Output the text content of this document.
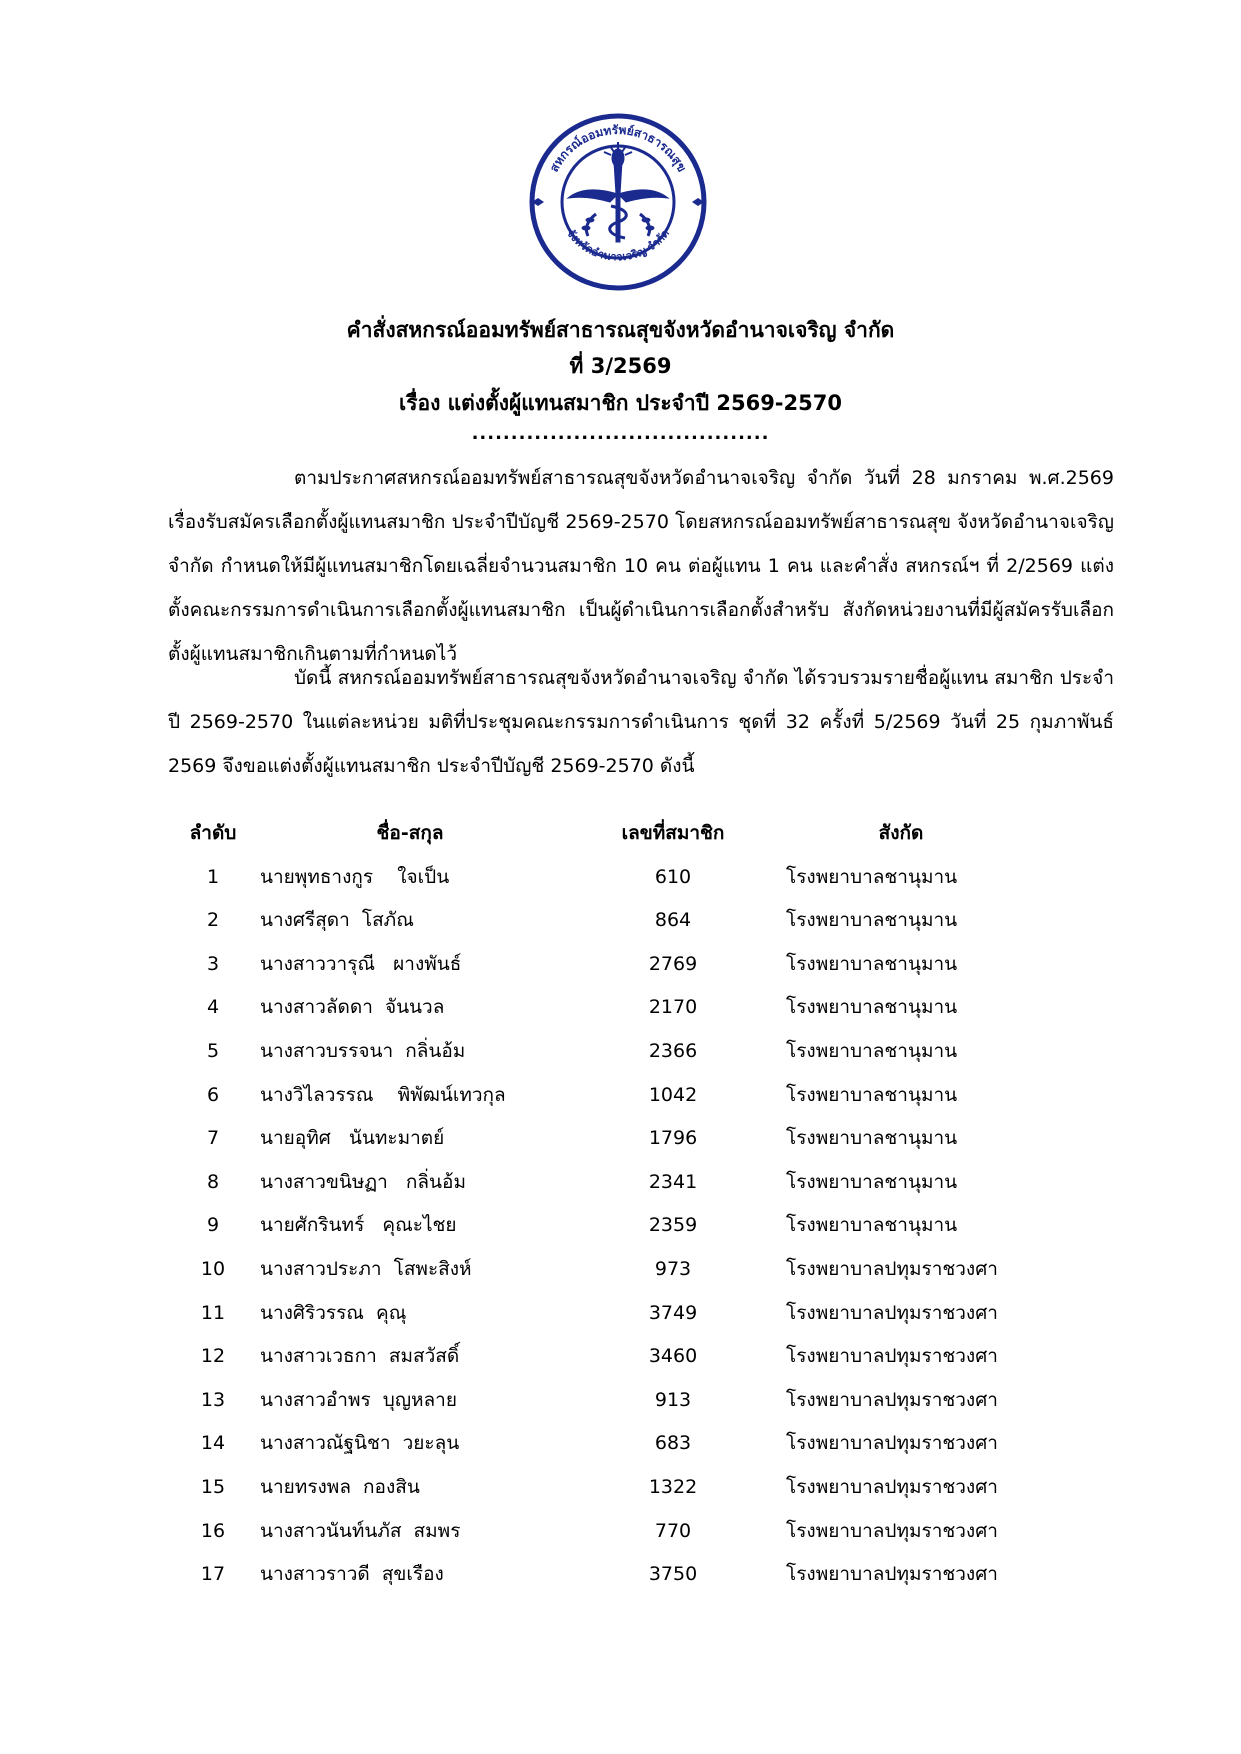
สหกรณ์ออมทรัพย์สาธารณสุข
จังหวัดอำนาจเจริญ จำกัด
คำสั่งสหกรณ์ออมทรัพย์สาธารณสุขจังหวัดอำนาจเจริญ จำกัด
ที่ 3/2569
เรื่อง แต่งตั้งผู้แทนสมาชิก ประจำปี 2569-2570
......................................
ตามประกาศสหกรณ์ออมทรัพย์สาธารณสุขจังหวัดอำนาจเจริญ จำกัด วันที่ 28 มกราคม พ.ศ.2569 เรื่องรับสมัครเลือกตั้งผู้แทนสมาชิก ประจำปีบัญชี 2569-2570 โดยสหกรณ์ออมทรัพย์สาธารณสุข จังหวัดอำนาจเจริญ จำกัด กำหนดให้มีผู้แทนสมาชิกโดยเฉลี่ยจำนวนสมาชิก 10 คน ต่อผู้แทน 1 คน และคำสั่ง สหกรณ์ฯ ที่ 2/2569 แต่งตั้งคณะกรรมการดำเนินการเลือกตั้งผู้แทนสมาชิก เป็นผู้ดำเนินการเลือกตั้งสำหรับ สังกัดหน่วยงานที่มีผู้สมัครรับเลือกตั้งผู้แทนสมาชิกเกินตามที่กำหนดไว้
บัดนี้ สหกรณ์ออมทรัพย์สาธารณสุขจังหวัดอำนาจเจริญ จำกัด ได้รวบรวมรายชื่อผู้แทน สมาชิก ประจำปี 2569-2570 ในแต่ละหน่วย มติที่ประชุมคณะกรรมการดำเนินการ ชุดที่ 32 ครั้งที่ 5/2569 วันที่ 25 กุมภาพันธ์ 2569 จึงขอแต่งตั้งผู้แทนสมาชิก ประจำปีบัญชี 2569-2570 ดังนี้
ลำดับ	ชื่อ-สกุล	เลขที่สมาชิก	สังกัด
1	นายพุทธางกูร    ใจเป็น	610	โรงพยาบาลชานุมาน
2	นางศรีสุดา  โสภัณ	864	โรงพยาบาลชานุมาน
3	นางสาววารุณี   ผางพันธ์	2769	โรงพยาบาลชานุมาน
4	นางสาวลัดดา  จันนวล	2170	โรงพยาบาลชานุมาน
5	นางสาวบรรจนา  กลิ่นอ้ม	2366	โรงพยาบาลชานุมาน
6	นางวิไลวรรณ    พิพัฒน์เทวกุล	1042	โรงพยาบาลชานุมาน
7	นายอุทิศ   นันทะมาตย์	1796	โรงพยาบาลชานุมาน
8	นางสาวขนิษฏา   กลิ่นอ้ม	2341	โรงพยาบาลชานุมาน
9	นายศักรินทร์   คุณะไชย	2359	โรงพยาบาลชานุมาน
10	นางสาวประภา  โสพะสิงห์	973	โรงพยาบาลปทุมราชวงศา
11	นางศิริวรรณ  คุณุ	3749	โรงพยาบาลปทุมราชวงศา
12	นางสาวเวธกา  สมสวัสดิ์	3460	โรงพยาบาลปทุมราชวงศา
13	นางสาวอำพร  บุญหลาย	913	โรงพยาบาลปทุมราชวงศา
14	นางสาวณัฐนิชา  วยะลุน	683	โรงพยาบาลปทุมราชวงศา
15	นายทรงพล  กองสิน	1322	โรงพยาบาลปทุมราชวงศา
16	นางสาวนันท์นภัส  สมพร	770	โรงพยาบาลปทุมราชวงศา
17	นางสาวราวดี  สุขเรือง	3750	โรงพยาบาลปทุมราชวงศา
